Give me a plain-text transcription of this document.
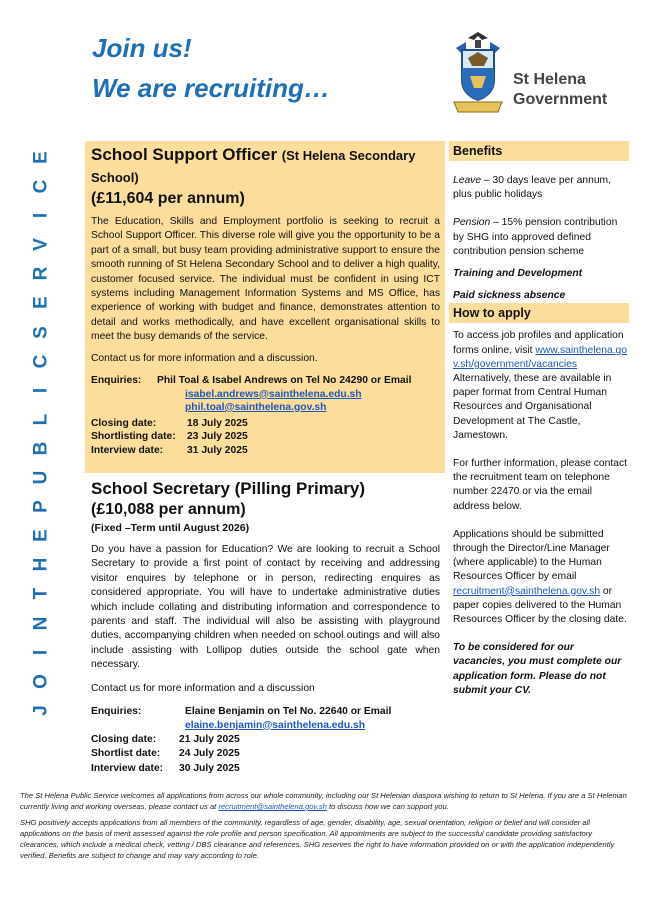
Join us!
We are recruiting…	St Helena
Government
E
C
I
V
R
E
S
C
I
L
B
U
P
E
H
T
N
I
O
J
School Support Officer (St Helena Secondary School)
(£11,604 per annum)
The Education, Skills and Employment portfolio is seeking to recruit a School Support Officer. This diverse role will give you the opportunity to be a part of a small, but busy team providing administrative support to ensure the smooth running of St Helena Secondary School and to deliver a high quality, customer focused service. The individual must be confident in using ICT systems including Management Information Systems and MS Office, has experience of working with budget and finance, demonstrates attention to detail and works methodically, and have excellent organisational skills to meet the busy demands of the service.
Contact us for more information and a discussion.
Enquiries:	Phil Toal & Isabel Andrews on Tel No 24290 or Email
isabel.andrews@sainthelena.edu.sh
phil.toal@sainthelena.gov.sh
Closing date:	18 July 2025
Shortlisting date:	23 July 2025
Interview date:	31 July 2025
School Secretary (Pilling Primary)
(£10,088 per annum)
(Fixed –Term until August 2026)
Do you have a passion for Education? We are looking to recruit a School Secretary to provide a first point of contact by receiving and addressing visitor enquires by telephone or in person, redirecting enquires as considered appropriate. You will have to undertake administrative duties which include collating and distributing information and correspondence to parents and staff. The individual will also be assisting with playground duties, accompanying children when needed on school outings and will also include assisting with Lollipop duties outside the school gate when necessary.
Contact us for more information and a discussion
Enquiries:	Elaine Benjamin on Tel No. 22640 or Email
elaine.benjamin@sainthelena.edu.sh
Closing date:	21 July 2025
Shortlist date:	24 July 2025
Interview date:	30 July 2025
Benefits
Leave – 30 days leave per annum, plus public holidays
Pension – 15% pension contribution by SHG into approved defined contribution pension scheme
Training and Development
Paid sickness absence
How to apply
To access job profiles and application forms online, visit www.sainthelena.gov.sh/government/vacancies Alternatively, these are available in paper format from Central Human Resources and Organisational Development at The Castle, Jamestown.
For further information, please contact the recruitment team on telephone number 22470 or via the email address below.
Applications should be submitted through the Director/Line Manager (where applicable) to the Human Resources Officer by email recruitment@sainthelena.gov.sh or paper copies delivered to the Human Resources Officer by the closing date.
To be considered for our vacancies, you must complete our application form. Please do not submit your CV.

The St Helena Public Service welcomes all applications from across our whole community, including our St Helenian diaspora wishing to return to St Helena. If you are a St Helenian currently living and working overseas, please contact us at recruitment@sainthelena.gov.sh to discuss how we can support you.

SHG positively accepts applications from all members of the community, regardless of age, gender, disability, age, sexual orientation, religion or belief and will consider all applications on the basis of merit assessed against the role profile and person specification. All appointments are subject to the successful candidate providing satisfactory clearances, which include a medical check, vetting / DBS clearance and references. SHG reserves the right to have information provided on or with the application independently verified. Benefits are subject to change and may vary according to role.
